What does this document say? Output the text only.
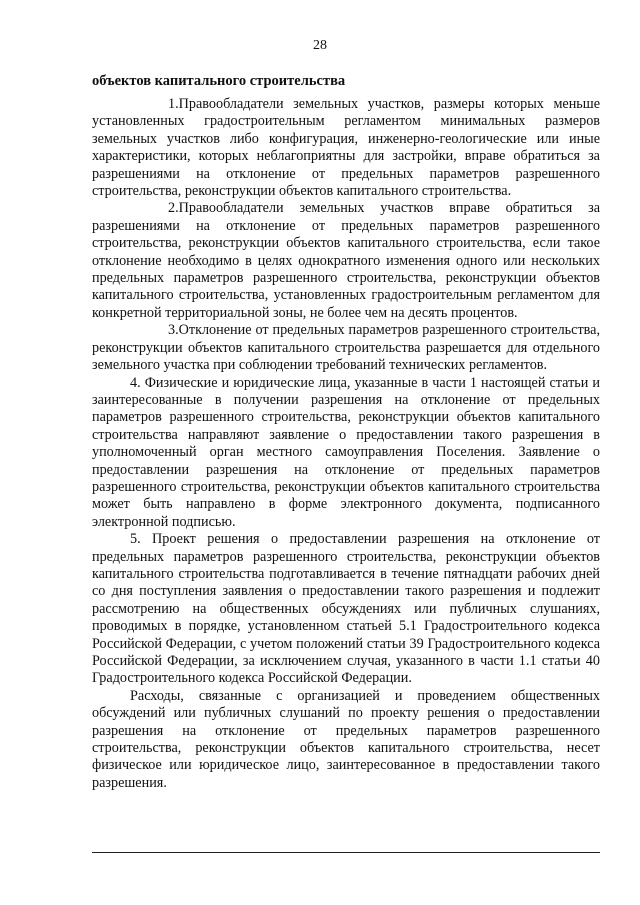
28
объектов капитального строительства

1.Правообладатели земельных участков, размеры которых меньше установленных градостроительным регламентом минимальных размеров земельных участков либо конфигурация, инженерно-геологические или иные характеристики, которых неблагоприятны для застройки, вправе обратиться за разрешениями на отклонение от предельных параметров разрешенного строительства, реконструкции объектов капитального строительства.

2.Правообладатели земельных участков вправе обратиться за разрешениями на отклонение от предельных параметров разрешенного строительства, реконструкции объектов капитального строительства, если такое отклонение необходимо в целях однократного изменения одного или нескольких предельных параметров разрешенного строительства, реконструкции объектов капитального строительства, установленных градостроительным регламентом для конкретной территориальной зоны, не более чем на десять процентов.

3.Отклонение от предельных параметров разрешенного строительства, реконструкции объектов капитального строительства разрешается для отдельного земельного участка при соблюдении требований технических регламентов.

4. Физические и юридические лица, указанные в части 1 настоящей статьи и заинтересованные в получении разрешения на отклонение от предельных параметров разрешенного строительства, реконструкции объектов капитального строительства направляют заявление о предоставлении такого разрешения в уполномоченный орган местного самоуправления Поселения. Заявление о предоставлении разрешения на отклонение от предельных параметров разрешенного строительства, реконструкции объектов капитального строительства может быть направлено в форме электронного документа, подписанного электронной подписью.

5. Проект решения о предоставлении разрешения на отклонение от предельных параметров разрешенного строительства, реконструкции объектов капитального строительства подготавливается в течение пятнадцати рабочих дней со дня поступления заявления о предоставлении такого разрешения и подлежит рассмотрению на общественных обсуждениях или публичных слушаниях, проводимых в порядке, установленном статьей 5.1 Градостроительного кодекса Российской Федерации, с учетом положений статьи 39 Градостроительного кодекса Российской Федерации, за исключением случая, указанного в части 1.1 статьи 40 Градостроительного кодекса Российской Федерации.

Расходы, связанные с организацией и проведением общественных обсуждений или публичных слушаний по проекту решения о предоставлении разрешения на отклонение от предельных параметров разрешенного строительства, реконструкции объектов капитального строительства, несет физическое или юридическое лицо, заинтересованное в предоставлении такого разрешения.
